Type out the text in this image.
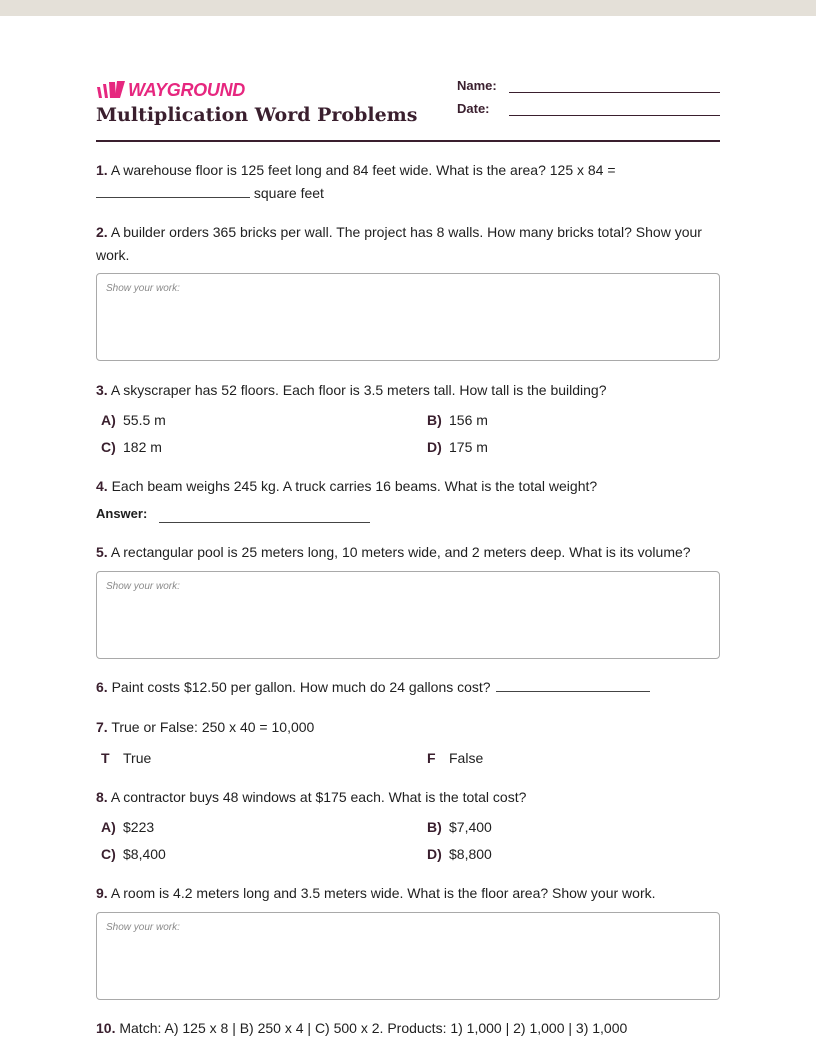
WAYGROUND
Multiplication Word Problems
Name:
Date:
1. A warehouse floor is 125 feet long and 84 feet wide. What is the area? 125 x 84 =
square feet
2. A builder orders 365 bricks per wall. The project has 8 walls. How many bricks total? Show your work.
Show your work:
3. A skyscraper has 52 floors. Each floor is 3.5 meters tall. How tall is the building?
A) 55.5 m	B) 156 m
C) 182 m	D) 175 m
4. Each beam weighs 245 kg. A truck carries 16 beams. What is the total weight?
Answer:
5. A rectangular pool is 25 meters long, 10 meters wide, and 2 meters deep. What is its volume?
Show your work:
6. Paint costs $12.50 per gallon. How much do 24 gallons cost?
7. True or False: 250 x 40 = 10,000
T True	F False
8. A contractor buys 48 windows at $175 each. What is the total cost?
A) $223	B) $7,400
C) $8,400	D) $8,800
9. A room is 4.2 meters long and 3.5 meters wide. What is the floor area? Show your work.
Show your work:
10. Match: A) 125 x 8 | B) 250 x 4 | C) 500 x 2. Products: 1) 1,000 | 2) 1,000 | 3) 1,000
